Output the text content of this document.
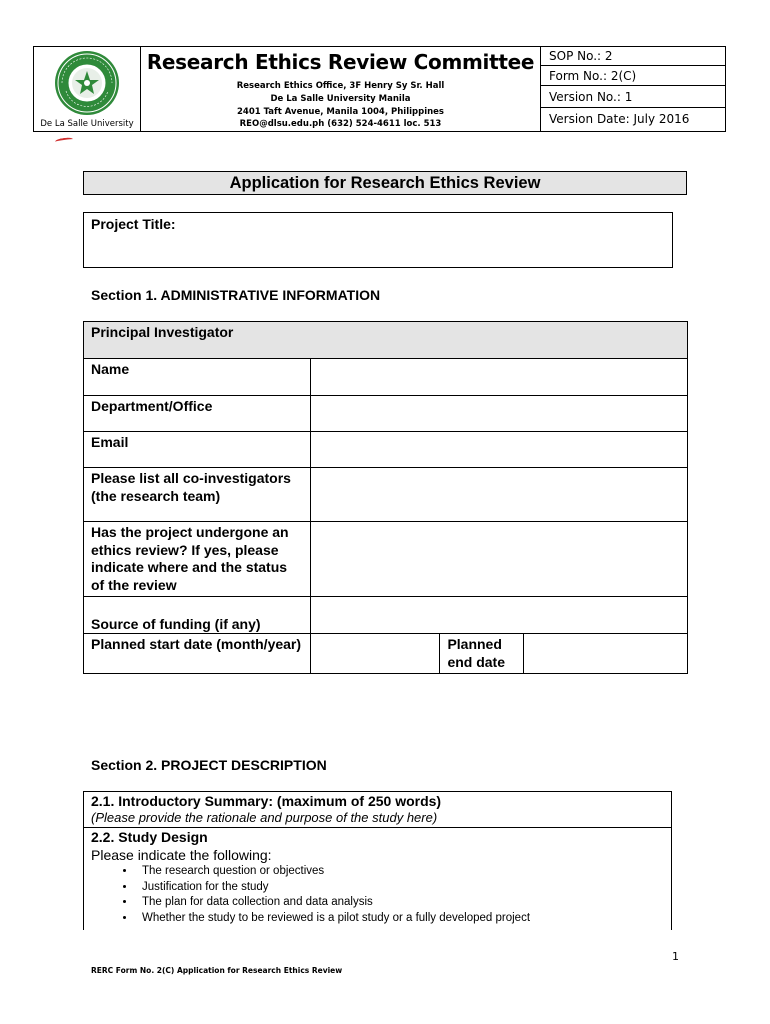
De La Salle University
Research Ethics Review Committee
Research Ethics Office, 3F Henry Sy Sr. Hall
De La Salle University Manila
2401 Taft Avenue, Manila 1004, Philippines
REO@dlsu.edu.ph (632) 524-4611 loc. 513
SOP No.: 2
Form No.: 2(C)
Version No.: 1
Version Date: July 2016
Application for Research Ethics Review
Project Title:
Section 1. ADMINISTRATIVE INFORMATION
Principal Investigator			
Name			
Department/Office			
Email			
Please list all co-investigators (the research team)			
Has the project undergone an ethics review? If yes, please indicate where and the status of the review			
Source of funding (if any)			
Planned start date (month/year)		Planned end date	
Section 2. PROJECT DESCRIPTION
2.1. Introductory Summary: (maximum of 250 words)
(Please provide the rationale and purpose of the study here)

2.2. Study Design
Please indicate the following:
• The research question or objectives
• Justification for the study
• The plan for data collection and data analysis
• Whether the study to be reviewed is a pilot study or a fully developed project
1
RERC Form No. 2(C) Application for Research Ethics Review
